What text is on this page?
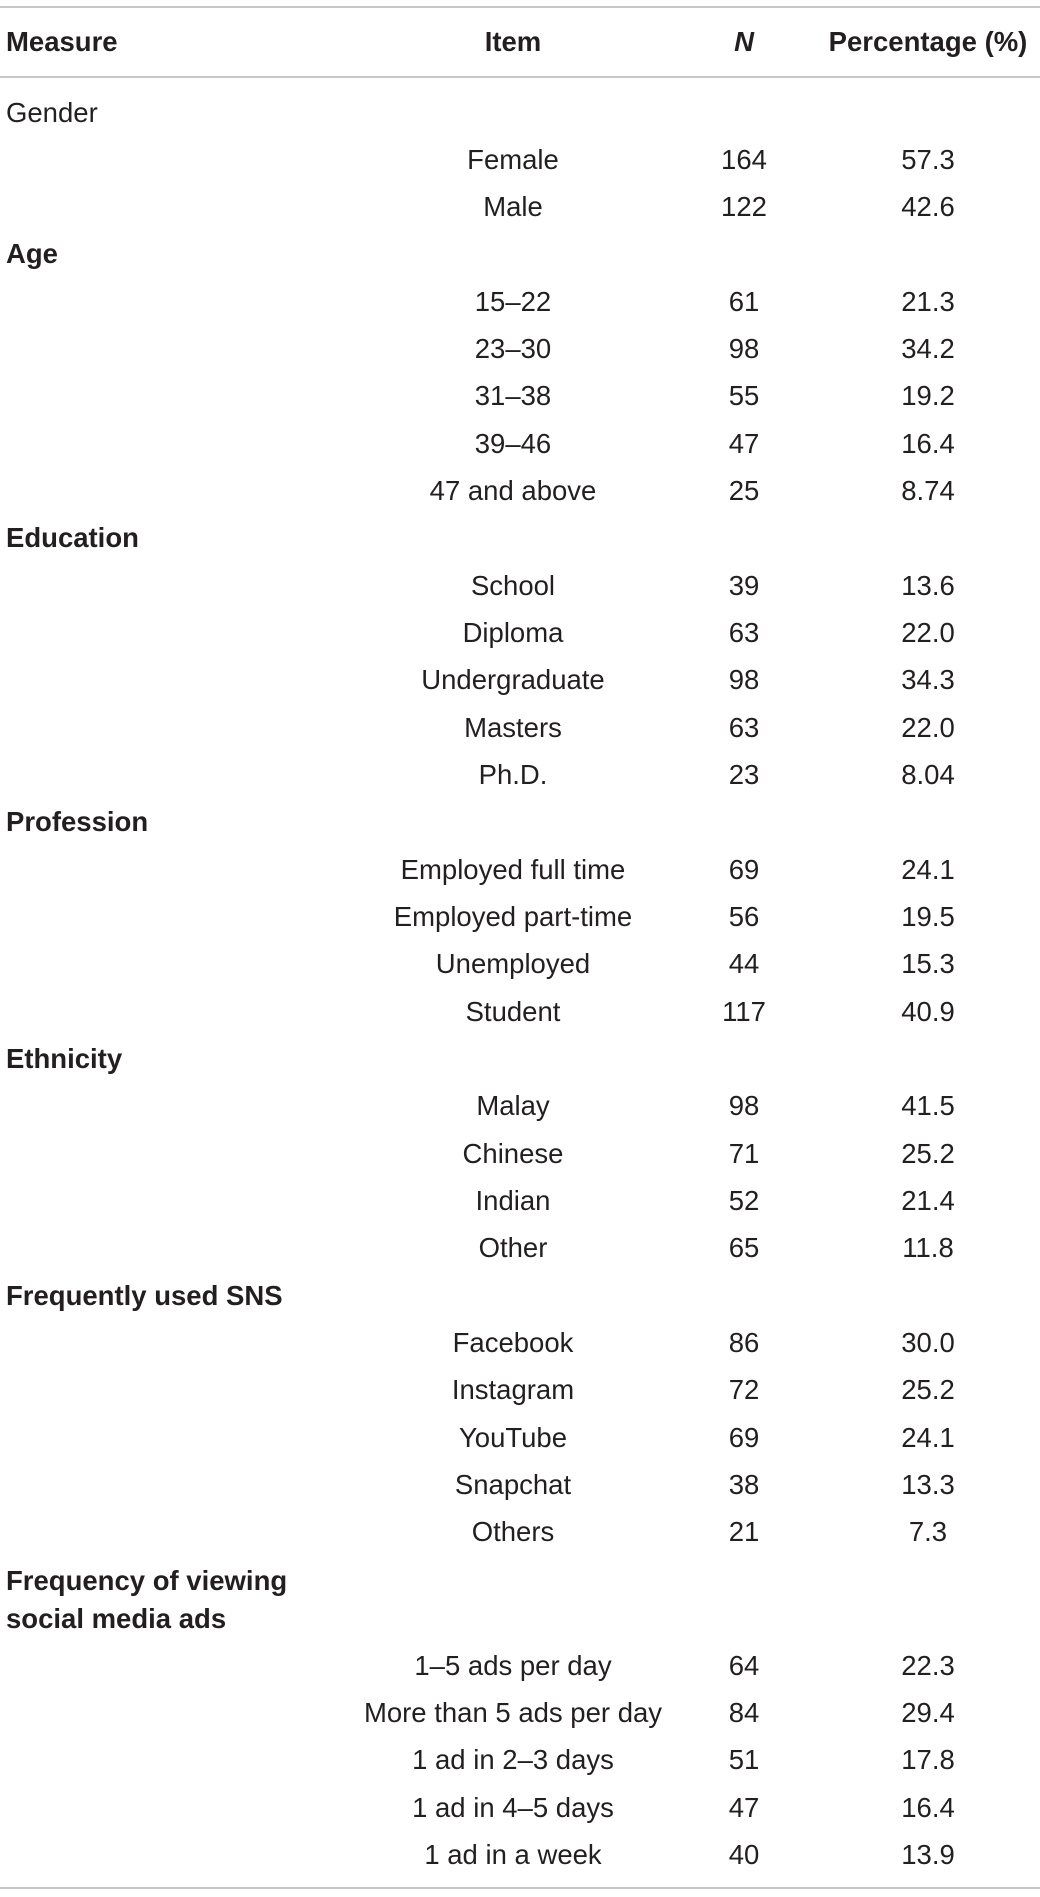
Measure	Item	N	Percentage (%)
Gender
Female	164	57.3
Male	122	42.6
Age
15–22	61	21.3
23–30	98	34.2
31–38	55	19.2
39–46	47	16.4
47 and above	25	8.74
Education
School	39	13.6
Diploma	63	22.0
Undergraduate	98	34.3
Masters	63	22.0
Ph.D.	23	8.04
Profession
Employed full time	69	24.1
Employed part-time	56	19.5
Unemployed	44	15.3
Student	117	40.9
Ethnicity
Malay	98	41.5
Chinese	71	25.2
Indian	52	21.4
Other	65	11.8
Frequently used SNS
Facebook	86	30.0
Instagram	72	25.2
YouTube	69	24.1
Snapchat	38	13.3
Others	21	7.3
Frequency of viewing social media ads
1–5 ads per day	64	22.3
More than 5 ads per day	84	29.4
1 ad in 2–3 days	51	17.8
1 ad in 4–5 days	47	16.4
1 ad in a week	40	13.9
